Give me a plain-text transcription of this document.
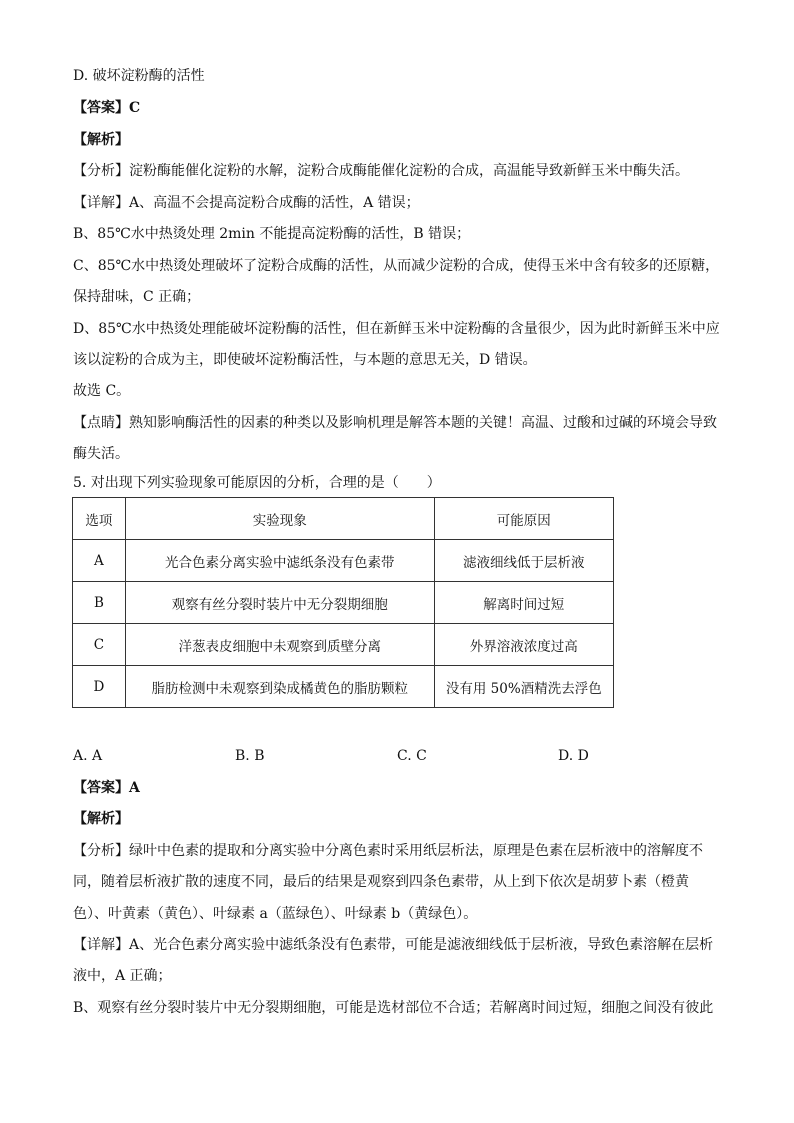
D. 破坏淀粉酶的活性
【答案】C
【解析】
【分析】淀粉酶能催化淀粉的水解，淀粉合成酶能催化淀粉的合成，高温能导致新鲜玉米中酶失活。
【详解】A、高温不会提高淀粉合成酶的活性，A 错误；
B、85℃水中热烫处理 2min 不能提高淀粉酶的活性，B 错误；
C、85℃水中热烫处理破坏了淀粉合成酶的活性，从而减少淀粉的合成，使得玉米中含有较多的还原糖，
保持甜味，C 正确；
D、85℃水中热烫处理能破坏淀粉酶的活性，但在新鲜玉米中淀粉酶的含量很少，因为此时新鲜玉米中应
该以淀粉的合成为主，即使破坏淀粉酶活性，与本题的意思无关，D 错误。
故选 C。
【点睛】熟知影响酶活性的因素的种类以及影响机理是解答本题的关键！高温、过酸和过碱的环境会导致
酶失活。
5. 对出现下列实验现象可能原因的分析，合理的是（　　）
选项	实验现象	可能原因
A	光合色素分离实验中滤纸条没有色素带	滤液细线低于层析液
B	观察有丝分裂时装片中无分裂期细胞	解离时间过短
C	洋葱表皮细胞中未观察到质壁分离	外界溶液浓度过高
D	脂肪检测中未观察到染成橘黄色的脂肪颗粒	没有用 50%酒精洗去浮色
A. A	B. B	C. C	D. D
【答案】A
【解析】
【分析】绿叶中色素的提取和分离实验中分离色素时采用纸层析法，原理是色素在层析液中的溶解度不
同，随着层析液扩散的速度不同，最后的结果是观察到四条色素带，从上到下依次是胡萝卜素（橙黄
色）、叶黄素（黄色）、叶绿素 a（蓝绿色）、叶绿素 b（黄绿色）。
【详解】A、光合色素分离实验中滤纸条没有色素带，可能是滤液细线低于层析液，导致色素溶解在层析
液中，A 正确；
B、观察有丝分裂时装片中无分裂期细胞，可能是选材部位不合适；若解离时间过短，细胞之间没有彼此
